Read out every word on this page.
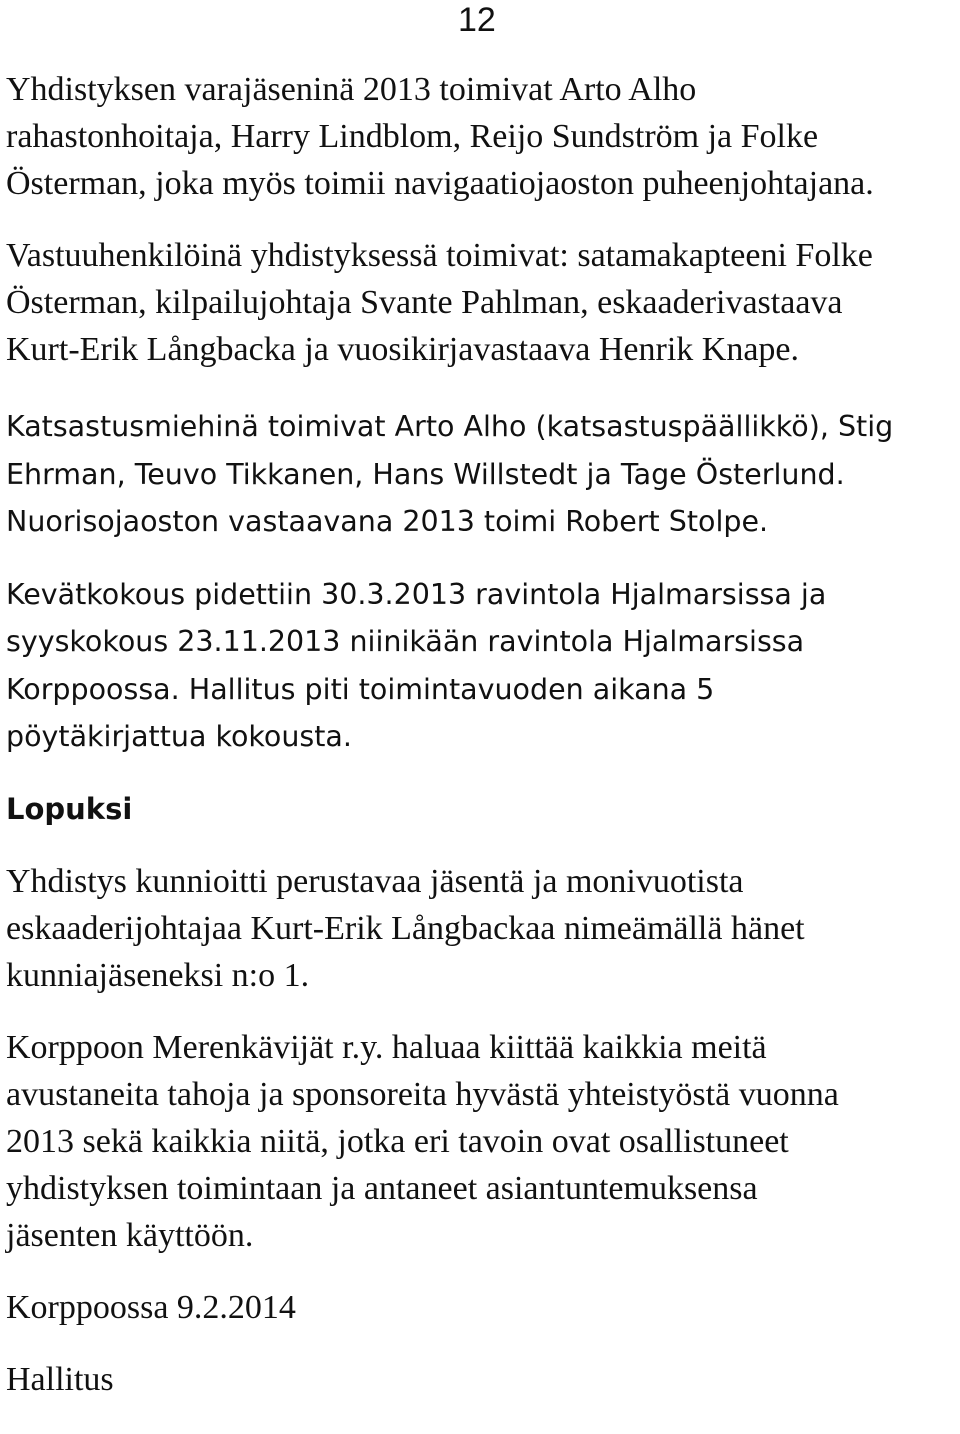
12

Yhdistyksen varajäseninä 2013 toimivat Arto Alho
rahastonhoitaja, Harry Lindblom, Reijo Sundström ja Folke
Österman, joka myös toimii navigaatiojaoston puheenjohtajana.

Vastuuhenkilöinä yhdistyksessä toimivat: satamakapteeni Folke
Österman, kilpailujohtaja Svante Pahlman, eskaaderivastaava
Kurt-Erik Långbacka ja vuosikirjavastaava Henrik Knape.

Katsastusmiehinä toimivat Arto Alho (katsastuspäällikkö), Stig
Ehrman, Teuvo Tikkanen, Hans Willstedt ja Tage Österlund.
Nuorisojaoston vastaavana 2013 toimi Robert Stolpe.

Kevätkokous pidettiin 30.3.2013 ravintola Hjalmarsissa ja
syyskokous 23.11.2013 niinikään ravintola Hjalmarsissa
Korppoossa. Hallitus piti toimintavuoden aikana 5
pöytäkirjattua kokousta.

Lopuksi

Yhdistys kunnioitti perustavaa jäsentä ja monivuotista
eskaaderijohtajaa Kurt-Erik Långbackaa nimeämällä hänet
kunniajäseneksi n:o 1.

Korppoon Merenkävijät r.y. haluaa kiittää kaikkia meitä
avustaneita tahoja ja sponsoreita hyvästä yhteistyöstä vuonna
2013 sekä kaikkia niitä, jotka eri tavoin ovat osallistuneet
yhdistyksen toimintaan ja antaneet asiantuntemuksensa
jäsenten käyttöön.

Korppoossa 9.2.2014

Hallitus
